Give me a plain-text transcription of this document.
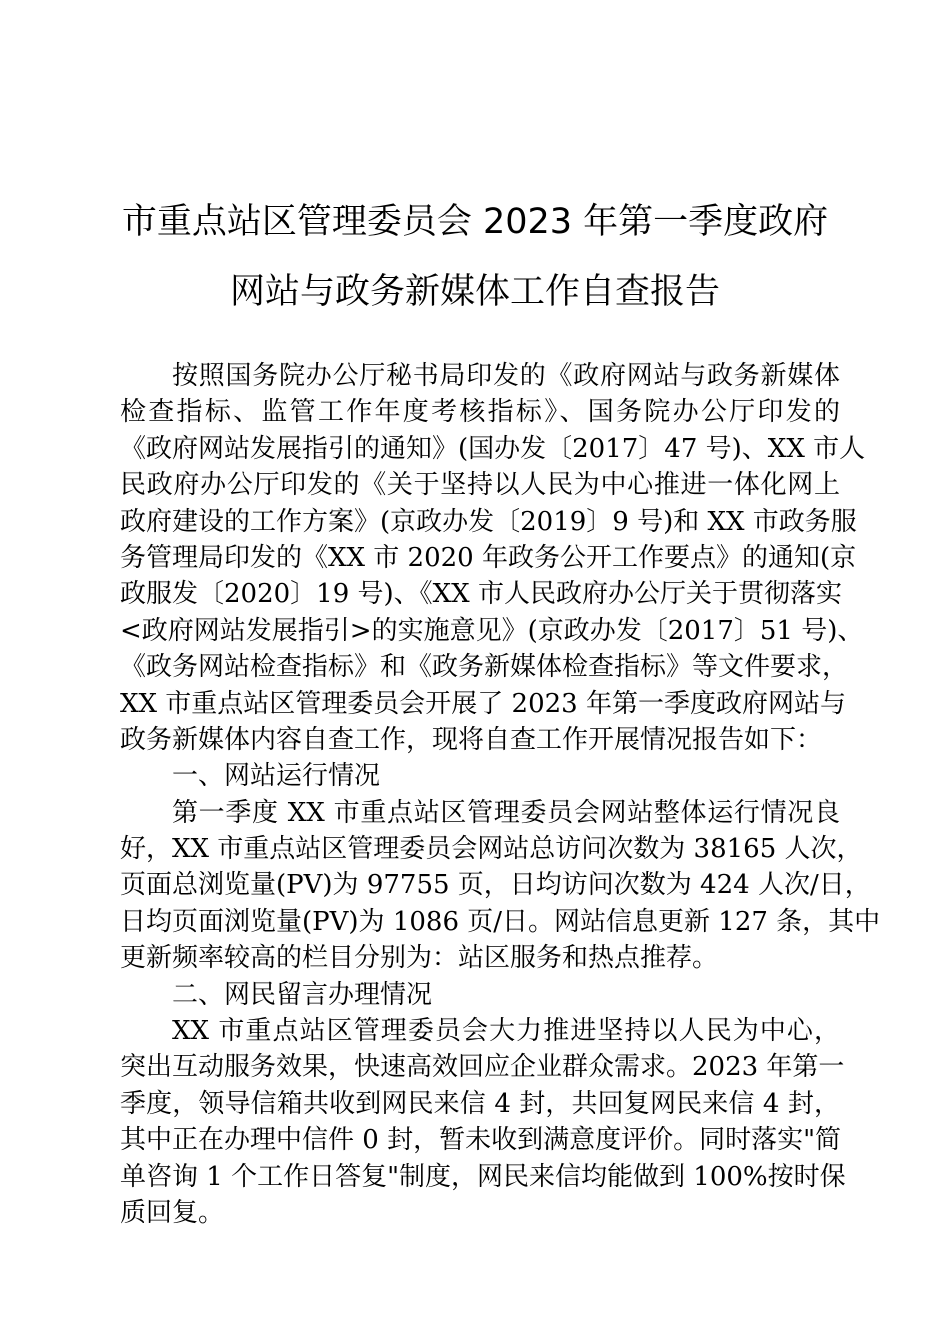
市重点站区管理委员会 2023 年第一季度政府
网站与政务新媒体工作自查报告
按照国务院办公厅秘书局印发的《政府网站与政务新媒体
检查指标、监管工作年度考核指标》、国务院办公厅印发的
《政府网站发展指引的通知》(国办发〔2017〕47 号)、XX 市人
民政府办公厅印发的《关于坚持以人民为中心推进一体化网上
政府建设的工作方案》(京政办发〔2019〕9 号)和 XX 市政务服
务管理局印发的《XX 市 2020 年政务公开工作要点》的通知(京
政服发〔2020〕19 号)、《XX 市人民政府办公厅关于贯彻落实
<政府网站发展指引>的实施意见》(京政办发〔2017〕51 号)、
《政务网站检查指标》和《政务新媒体检查指标》等文件要求，
XX 市重点站区管理委员会开展了 2023 年第一季度政府网站与
政务新媒体内容自查工作，现将自查工作开展情况报告如下：
一、网站运行情况
第一季度 XX 市重点站区管理委员会网站整体运行情况良
好，XX 市重点站区管理委员会网站总访问次数为 38165 人次，
页面总浏览量(PV)为 97755 页，日均访问次数为 424 人次/日，
日均页面浏览量(PV)为 1086 页/日。网站信息更新 127 条，其中
更新频率较高的栏目分别为：站区服务和热点推荐。
二、网民留言办理情况
XX 市重点站区管理委员会大力推进坚持以人民为中心，
突出互动服务效果，快速高效回应企业群众需求。2023 年第一
季度，领导信箱共收到网民来信 4 封，共回复网民来信 4 封，
其中正在办理中信件 0 封，暂未收到满意度评价。同时落实"简
单咨询 1 个工作日答复"制度，网民来信均能做到 100%按时保
质回复。
